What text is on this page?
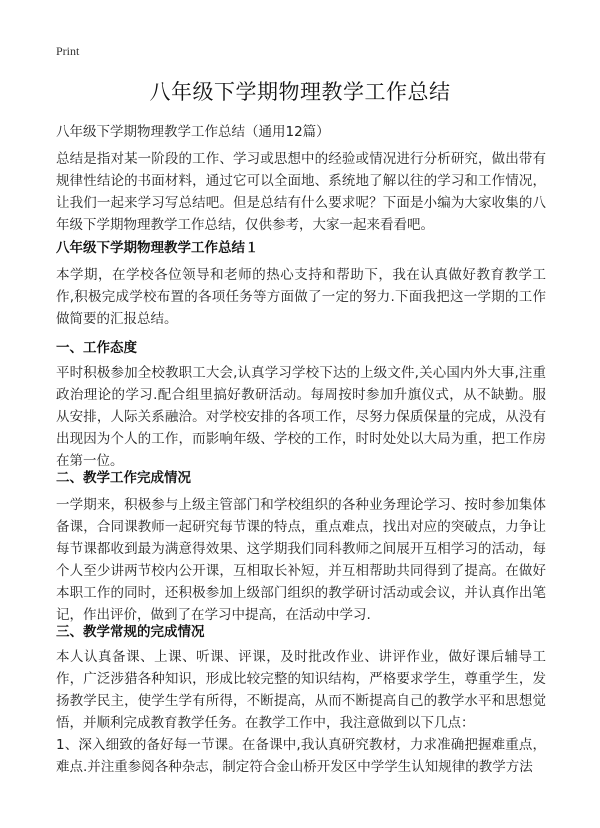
Print
八年级下学期物理教学工作总结

八年级下学期物理教学工作总结（通用12篇）

总结是指对某一阶段的工作、学习或思想中的经验或情况进行分析研究，做出带有规律性结论的书面材料，通过它可以全面地、系统地了解以往的学习和工作情况，让我们一起来学习写总结吧。但是总结有什么要求呢？下面是小编为大家收集的八年级下学期物理教学工作总结，仅供参考，大家一起来看看吧。

八年级下学期物理教学工作总结１

本学期，在学校各位领导和老师的热心支持和帮助下，我在认真做好教育教学工作,积极完成学校布置的各项任务等方面做了一定的努力.下面我把这一学期的工作做简要的汇报总结。

一、工作态度

平时积极参加全校教职工大会,认真学习学校下达的上级文件,关心国内外大事,注重政治理论的学习.配合组里搞好教研活动。每周按时参加升旗仪式，从不缺勤。服从安排，人际关系融洽。对学校安排的各项工作，尽努力保质保量的完成，从没有出现因为个人的工作，而影响年级、学校的工作，时时处处以大局为重，把工作房在第一位。

二、教学工作完成情况

一学期来，积极参与上级主管部门和学校组织的各种业务理论学习、按时参加集体备课，合同课教师一起研究每节课的特点，重点难点，找出对应的突破点，力争让每节课都收到最为满意得效果、这学期我们同科教师之间展开互相学习的活动，每个人至少讲两节校内公开课，互相取长补短，并互相帮助共同得到了提高。在做好本职工作的同时，还积极参加上级部门组织的教学研讨活动或会议，并认真作出笔记，作出评价，做到了在学习中提高，在活动中学习.

三、教学常规的完成情况

本人认真备课、上课、听课、评课，及时批改作业、讲评作业，做好课后辅导工作，广泛涉猎各种知识，形成比较完整的知识结构，严格要求学生，尊重学生，发扬教学民主，使学生学有所得，不断提高，从而不断提高自己的教学水平和思想觉悟，并顺利完成教育教学任务。在教学工作中，我注意做到以下几点：

1、深入细致的备好每一节课。在备课中,我认真研究教材，力求准确把握难重点，难点.并注重参阅各种杂志，制定符合金山桥开发区中学学生认知规律的教学方法
